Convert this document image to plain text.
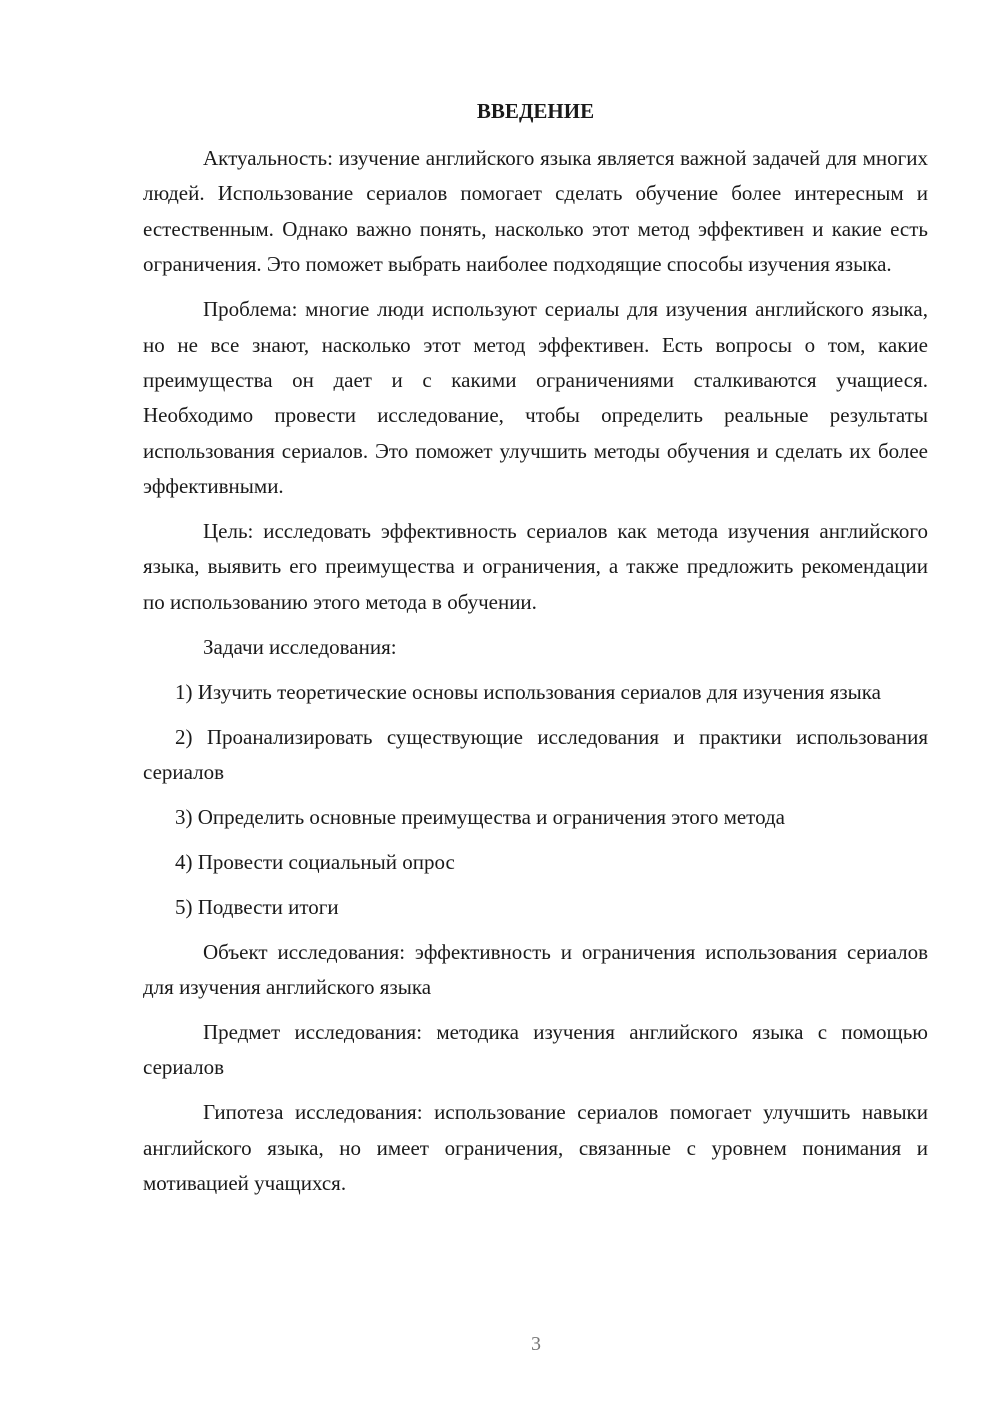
ВВЕДЕНИЕ

Актуальность: изучение английского языка является важной задачей для многих людей. Использование сериалов помогает сделать обучение более интересным и естественным. Однако важно понять, насколько этот метод эффективен и какие есть ограничения. Это поможет выбрать наиболее подходящие способы изучения языка.

Проблема: многие люди используют сериалы для изучения английского языка, но не все знают, насколько этот метод эффективен. Есть вопросы о том, какие преимущества он дает и с какими ограничениями сталкиваются учащиеся. Необходимо провести исследование, чтобы определить реальные результаты использования сериалов. Это поможет улучшить методы обучения и сделать их более эффективными.

Цель: исследовать эффективность сериалов как метода изучения английского языка, выявить его преимущества и ограничения, а также предложить рекомендации по использованию этого метода в обучении.

Задачи исследования:

1) Изучить теоретические основы использования сериалов для изучения языка

2) Проанализировать существующие исследования и практики использования сериалов

3) Определить основные преимущества и ограничения этого метода

4) Провести социальный опрос

5) Подвести итоги

Объект исследования: эффективность и ограничения использования сериалов для изучения английского языка

Предмет исследования: методика изучения английского языка с помощью сериалов

Гипотеза исследования: использование сериалов помогает улучшить навыки английского языка, но имеет ограничения, связанные с уровнем понимания и мотивацией учащихся.

3
